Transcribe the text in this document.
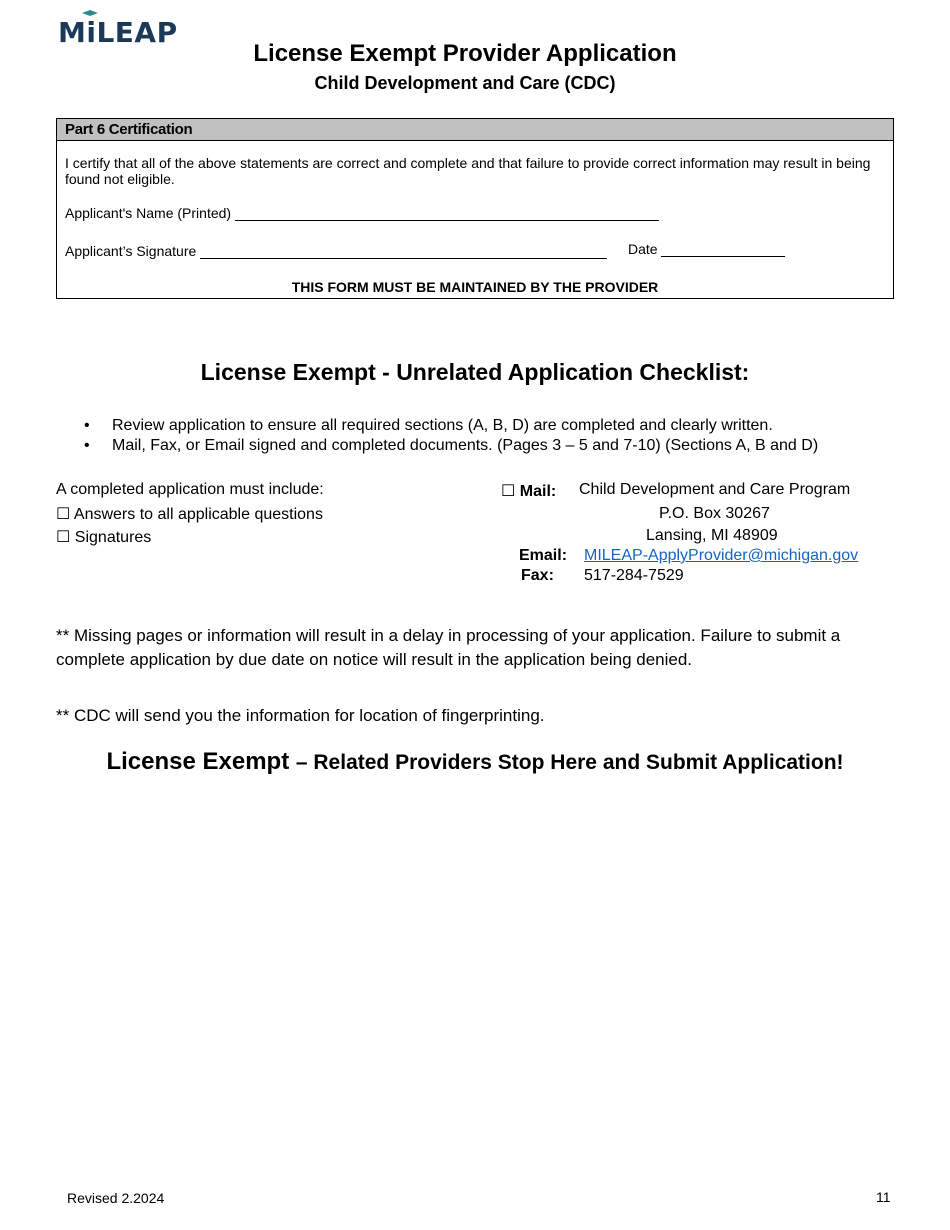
MiLEAP
License Exempt Provider Application
Child Development and Care (CDC)
Part 6 Certification
I certify that all of the above statements are correct and complete and that failure to provide correct information may result in being found not eligible.
Applicant's Name (Printed)
Applicant’s Signature	Date
THIS FORM MUST BE MAINTAINED BY THE PROVIDER
License Exempt - Unrelated Application Checklist:
• Review application to ensure all required sections (A, B, D) are completed and clearly written.
• Mail, Fax, or Email signed and completed documents. (Pages 3 – 5 and 7-10) (Sections A, B and D)
A completed application must include:
☐ Answers to all applicable questions
☐ Signatures
☐ Mail: Child Development and Care Program
P.O. Box 30267
Lansing, MI 48909
Email: MILEAP-ApplyProvider@michigan.gov
Fax: 517-284-7529
** Missing pages or information will result in a delay in processing of your application. Failure to submit a complete application by due date on notice will result in the application being denied.
** CDC will send you the information for location of fingerprinting.
License Exempt – Related Providers Stop Here and Submit Application!
Revised 2.2024	11
